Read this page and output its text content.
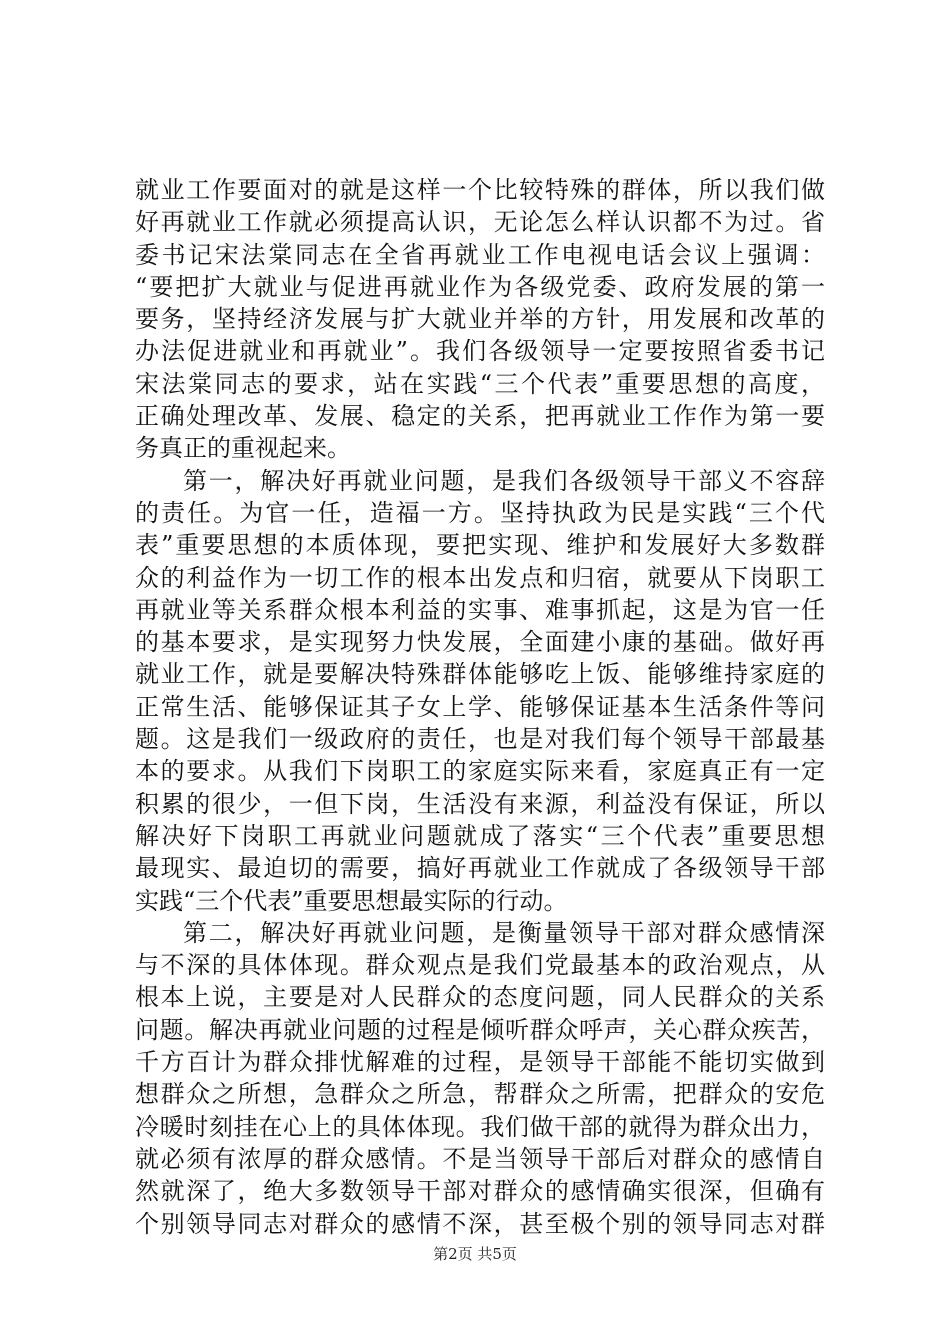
就业工作要面对的就是这样一个比较特殊的群体，所以我们做
好再就业工作就必须提高认识，无论怎么样认识都不为过。省
委书记宋法棠同志在全省再就业工作电视电话会议上强调：
“要把扩大就业与促进再就业作为各级党委、政府发展的第一
要务，坚持经济发展与扩大就业并举的方针，用发展和改革的
办法促进就业和再就业”。我们各级领导一定要按照省委书记
宋法棠同志的要求，站在实践“三个代表”重要思想的高度，
正确处理改革、发展、稳定的关系，把再就业工作作为第一要
务真正的重视起来。
第一，解决好再就业问题，是我们各级领导干部义不容辞
的责任。为官一任，造福一方。坚持执政为民是实践“三个代
表”重要思想的本质体现，要把实现、维护和发展好大多数群
众的利益作为一切工作的根本出发点和归宿，就要从下岗职工
再就业等关系群众根本利益的实事、难事抓起，这是为官一任
的基本要求，是实现努力快发展，全面建小康的基础。做好再
就业工作，就是要解决特殊群体能够吃上饭、能够维持家庭的
正常生活、能够保证其子女上学、能够保证基本生活条件等问
题。这是我们一级政府的责任，也是对我们每个领导干部最基
本的要求。从我们下岗职工的家庭实际来看，家庭真正有一定
积累的很少，一但下岗，生活没有来源，利益没有保证，所以
解决好下岗职工再就业问题就成了落实“三个代表”重要思想
最现实、最迫切的需要，搞好再就业工作就成了各级领导干部
实践“三个代表”重要思想最实际的行动。
第二，解决好再就业问题，是衡量领导干部对群众感情深
与不深的具体体现。群众观点是我们党最基本的政治观点，从
根本上说，主要是对人民群众的态度问题，同人民群众的关系
问题。解决再就业问题的过程是倾听群众呼声，关心群众疾苦，
千方百计为群众排忧解难的过程，是领导干部能不能切实做到
想群众之所想，急群众之所急，帮群众之所需，把群众的安危
冷暖时刻挂在心上的具体体现。我们做干部的就得为群众出力，
就必须有浓厚的群众感情。不是当领导干部后对群众的感情自
然就深了，绝大多数领导干部对群众的感情确实很深，但确有
个别领导同志对群众的感情不深，甚至极个别的领导同志对群
第2页 共5页
